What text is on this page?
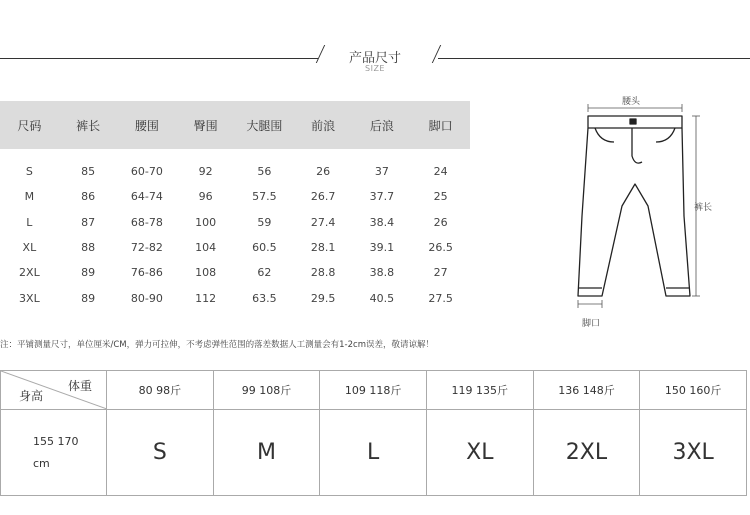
产品尺寸
SIZE
尺码	裤长	腰围	臀围	大腿围	前浪	后浪	脚口

S	85	60-70	92	56	26	37	24
M	86	64-74	96	57.5	26.7	37.7	25
L	87	68-78	100	59	27.4	38.4	26
XL	88	72-82	104	60.5	28.1	39.1	26.5
2XL	89	76-86	108	62	28.8	38.8	27
3XL	89	80-90	112	63.5	29.5	40.5	27.5
腰头
裤长
脚口
注：平铺测量尺寸，单位厘米/CM，弹力可拉伸，不考虑弹性范围的落差数据人工测量会有1-2cm误差，敬请谅解！
体重
身高	80 98斤	99 108斤	109 118斤	119 135斤	136 148斤	150 160斤

155 170
cm	S	M	L	XL	2XL	3XL
